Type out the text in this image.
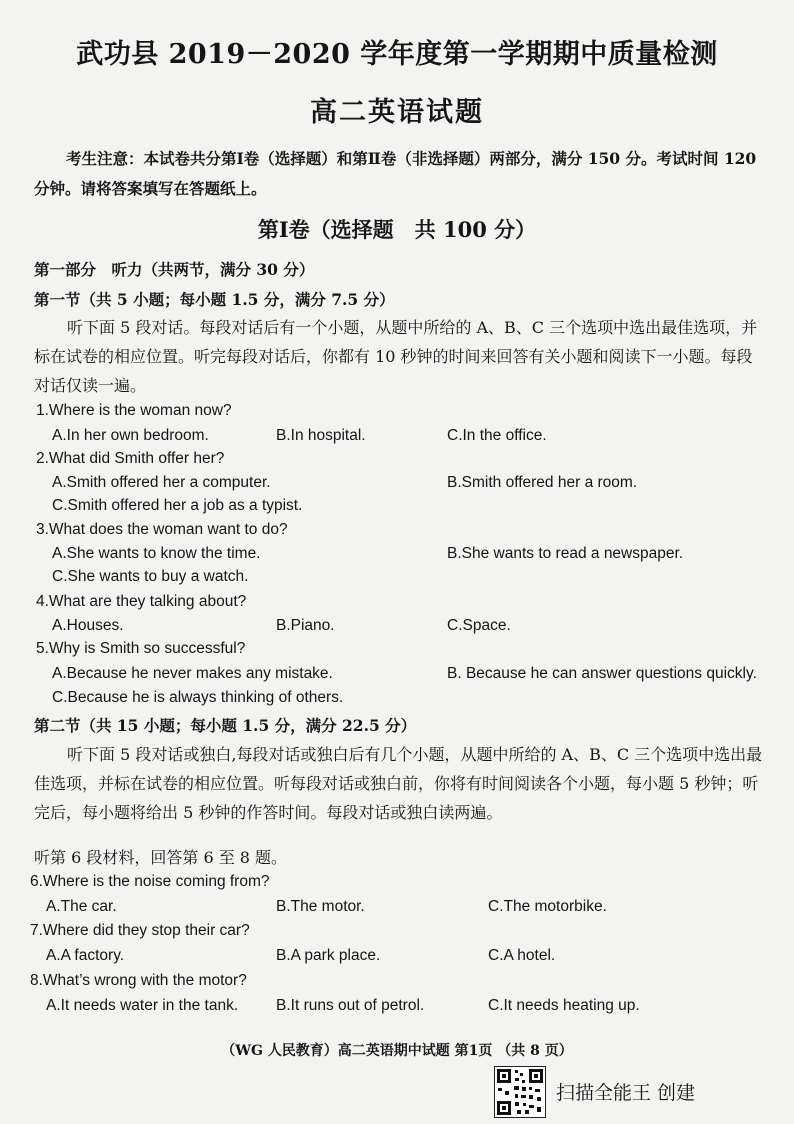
武功县 2019－2020 学年度第一学期期中质量检测
高二英语试题
考生注意：本试卷共分第Ⅰ卷（选择题）和第Ⅱ卷（非选择题）两部分，满分 150 分。考试时间 120 分钟。请将答案填写在答题纸上。
第Ⅰ卷（选择题　共 100 分）
第一部分　听力（共两节，满分 30 分）
第一节（共 5 小题；每小题 1.5 分，满分 7.5 分）
听下面 5 段对话。每段对话后有一个小题，从题中所给的 A、B、C 三个选项中选出最佳选项，并标在试卷的相应位置。听完每段对话后，你都有 10 秒钟的时间来回答有关小题和阅读下一小题。每段对话仅读一遍。
1.Where is the woman now?
A.In her own bedroom.	B.In hospital.	C.In the office.
2.What did Smith offer her?
A.Smith offered her a computer.	B.Smith offered her a room.
C.Smith offered her a job as a typist.
3.What does the woman want to do?
A.She wants to know the time.	B.She wants to read a newspaper.
C.She wants to buy a watch.
4.What are they talking about?
A.Houses.	B.Piano.	C.Space.
5.Why is Smith so successful?
A.Because he never makes any mistake.	B. Because he can answer questions quickly.
C.Because he is always thinking of others.
第二节（共 15 小题；每小题 1.5 分，满分 22.5 分）
听下面 5 段对话或独白,每段对话或独白后有几个小题，从题中所给的 A、B、C 三个选项中选出最佳选项，并标在试卷的相应位置。听每段对话或独白前，你将有时间阅读各个小题，每小题 5 秒钟；听完后，每小题将给出 5 秒钟的作答时间。每段对话或独白读两遍。
听第 6 段材料，回答第 6 至 8 题。
6.Where is the noise coming from?
A.The car.	B.The motor.	C.The motorbike.
7.Where did they stop their car?
A.A factory.	B.A park place.	C.A hotel.
8.What’s wrong with the motor?
A.It needs water in the tank. B.It runs out of petrol.	C.It needs heating up.
（WG 人民教育）高二英语期中试题 第1页 （共 8 页）
扫描全能王 创建
